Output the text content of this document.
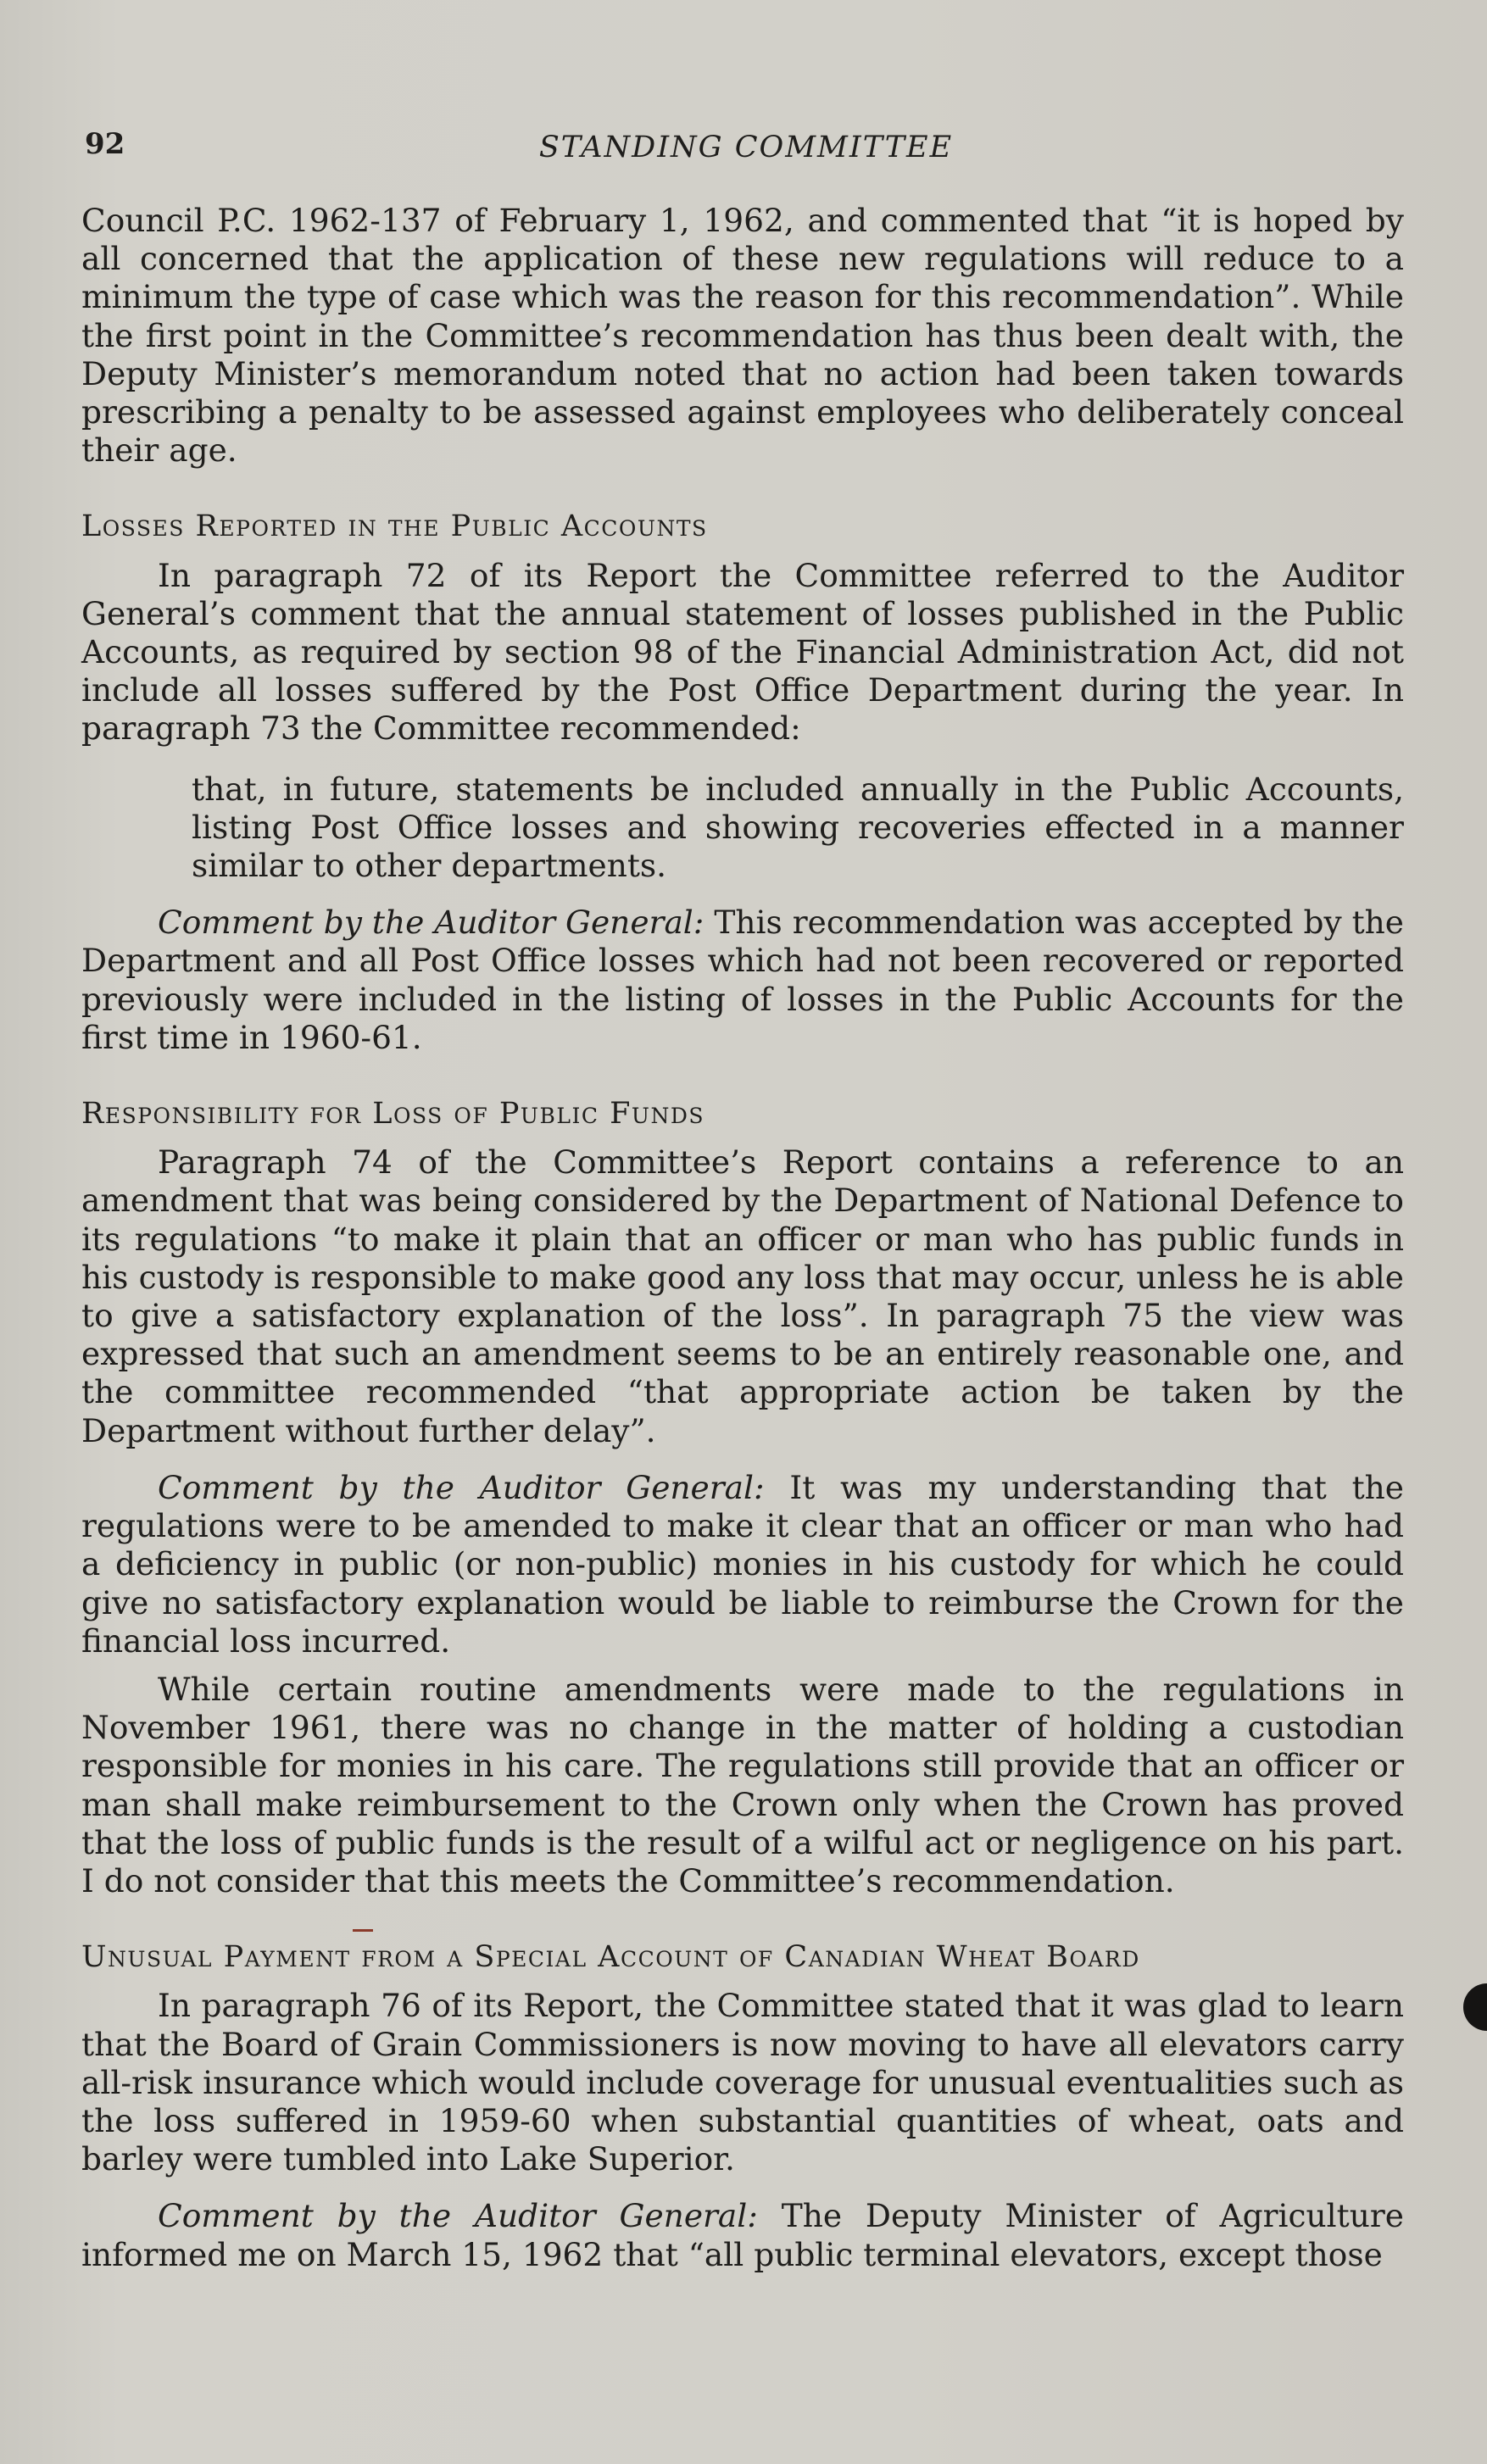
92	STANDING COMMITTEE

Council P.C. 1962-137 of February 1, 1962, and commented that “it is hoped by all concerned that the application of these new regulations will reduce to a minimum the type of case which was the reason for this recommendation”. While the first point in the Committee’s recommendation has thus been dealt with, the Deputy Minister’s memorandum noted that no action had been taken towards prescribing a penalty to be assessed against employees who deliberately conceal their age.

Losses Reported in the Public Accounts

In paragraph 72 of its Report the Committee referred to the Auditor General’s comment that the annual statement of losses published in the Public Accounts, as required by section 98 of the Financial Administration Act, did not include all losses suffered by the Post Office Department during the year. In paragraph 73 the Committee recommended:

that, in future, statements be included annually in the Public Accounts, listing Post Office losses and showing recoveries effected in a manner similar to other departments.

Comment by the Auditor General: This recommendation was accepted by the Department and all Post Office losses which had not been recovered or reported previously were included in the listing of losses in the Public Accounts for the first time in 1960-61.

Responsibility for Loss of Public Funds

Paragraph 74 of the Committee’s Report contains a reference to an amendment that was being considered by the Department of National Defence to its regulations “to make it plain that an officer or man who has public funds in his custody is responsible to make good any loss that may occur, unless he is able to give a satisfactory explanation of the loss”. In paragraph 75 the view was expressed that such an amendment seems to be an entirely reasonable one, and the committee recommended “that appropriate action be taken by the Department without further delay”.

Comment by the Auditor General: It was my understanding that the regulations were to be amended to make it clear that an officer or man who had a deficiency in public (or non-public) monies in his custody for which he could give no satisfactory explanation would be liable to reimburse the Crown for the financial loss incurred.

While certain routine amendments were made to the regulations in November 1961, there was no change in the matter of holding a custodian responsible for monies in his care. The regulations still provide that an officer or man shall make reimbursement to the Crown only when the Crown has proved that the loss of public funds is the result of a wilful act or negligence on his part. I do not consider that this meets the Committee’s recommendation.

Unusual Payment from a Special Account of Canadian Wheat Board

In paragraph 76 of its Report, the Committee stated that it was glad to learn that the Board of Grain Commissioners is now moving to have all elevators carry all-risk insurance which would include coverage for unusual eventualities such as the loss suffered in 1959-60 when substantial quantities of wheat, oats and barley were tumbled into Lake Superior.

Comment by the Auditor General: The Deputy Minister of Agriculture informed me on March 15, 1962 that “all public terminal elevators, except those
